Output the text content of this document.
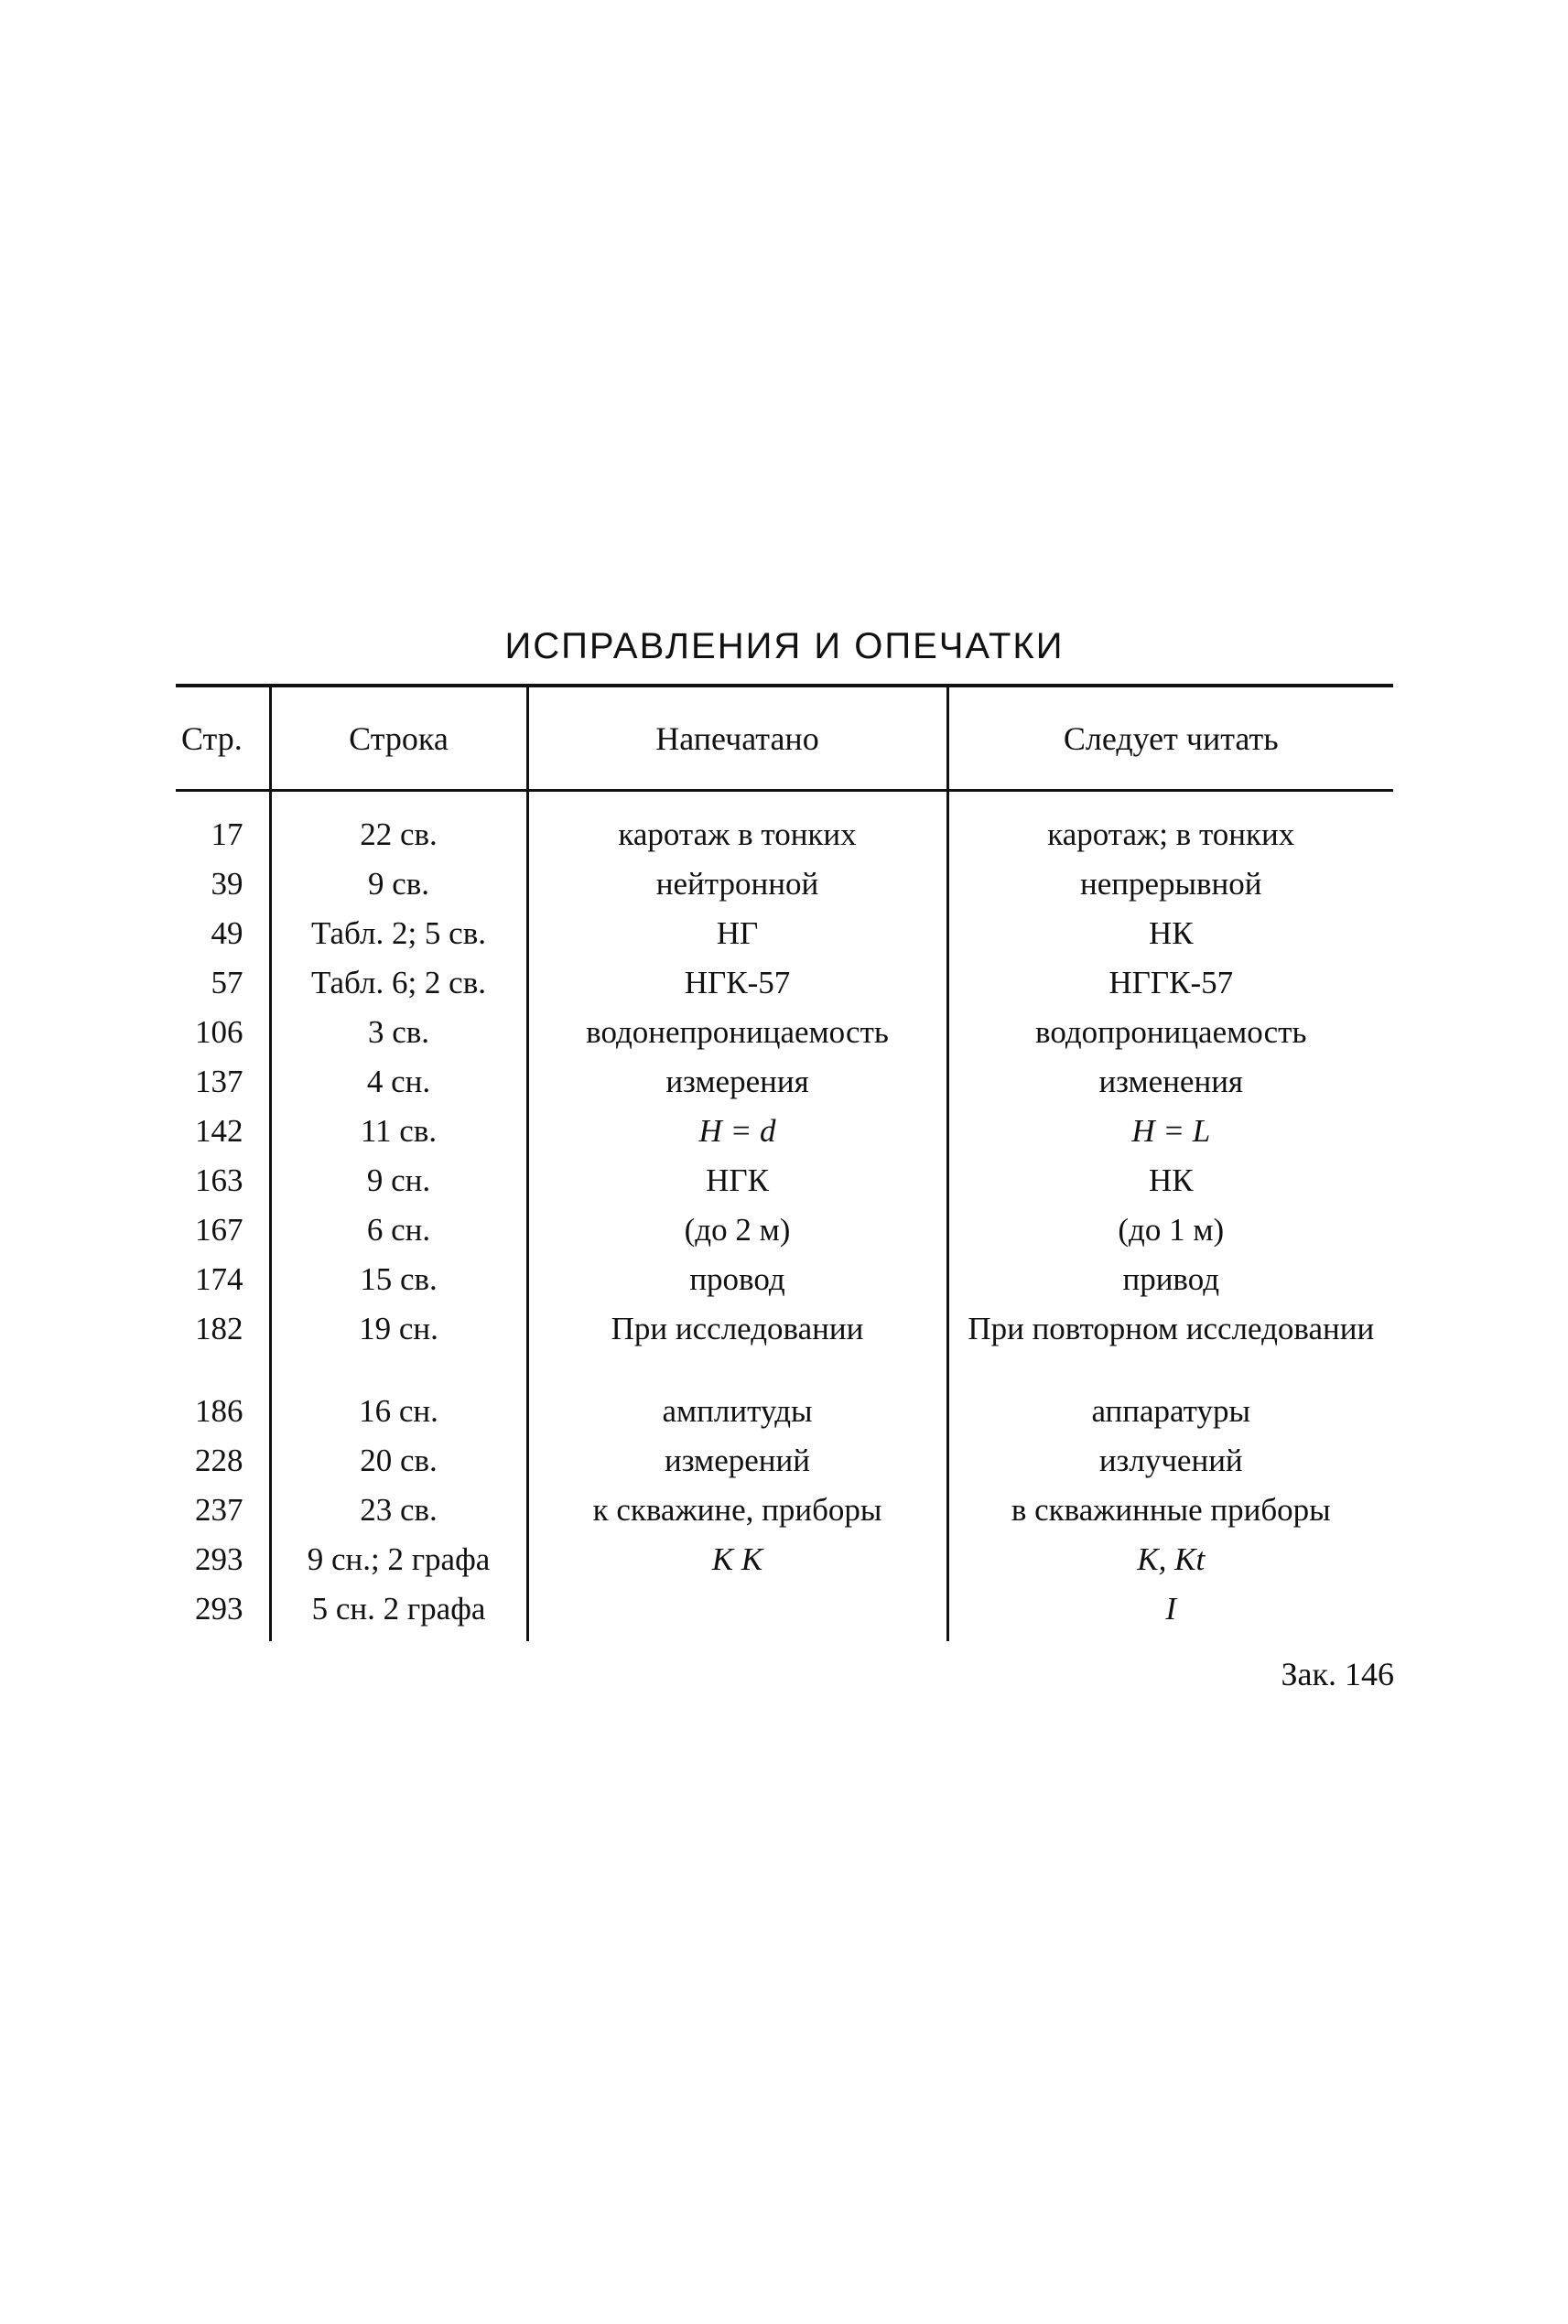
ИСПРАВЛЕНИЯ И ОПЕЧАТКИ
Стр.	Строка	Напечатано	Следует читать
17	22 св.	каротаж в тонких	каротаж; в тонких
39	9 св.	нейтронной	непрерывной
49	Табл. 2; 5 св.	НГ	НК
57	Табл. 6; 2 св.	НГК-57	НГГК-57
106	3 св.	водонепроницаемость	водопроницаемость
137	4 сн.	измерения	изменения
142	11 св.	H = d	H = L
163	9 сн.	НГК	НК
167	6 сн.	(до 2 м)	(до 1 м)
174	15 св.	провод	привод
182	19 сн.	При исследовании	При повторном исследовании
186	16 сн.	амплитуды	аппаратуры
228	20 св.	измерений	излучений
237	23 св.	к скважине, приборы	в скважинные приборы
293	9 сн.; 2 графа	K K	K, Kt
293	5 сн. 2 графа		I
Зак. 146
